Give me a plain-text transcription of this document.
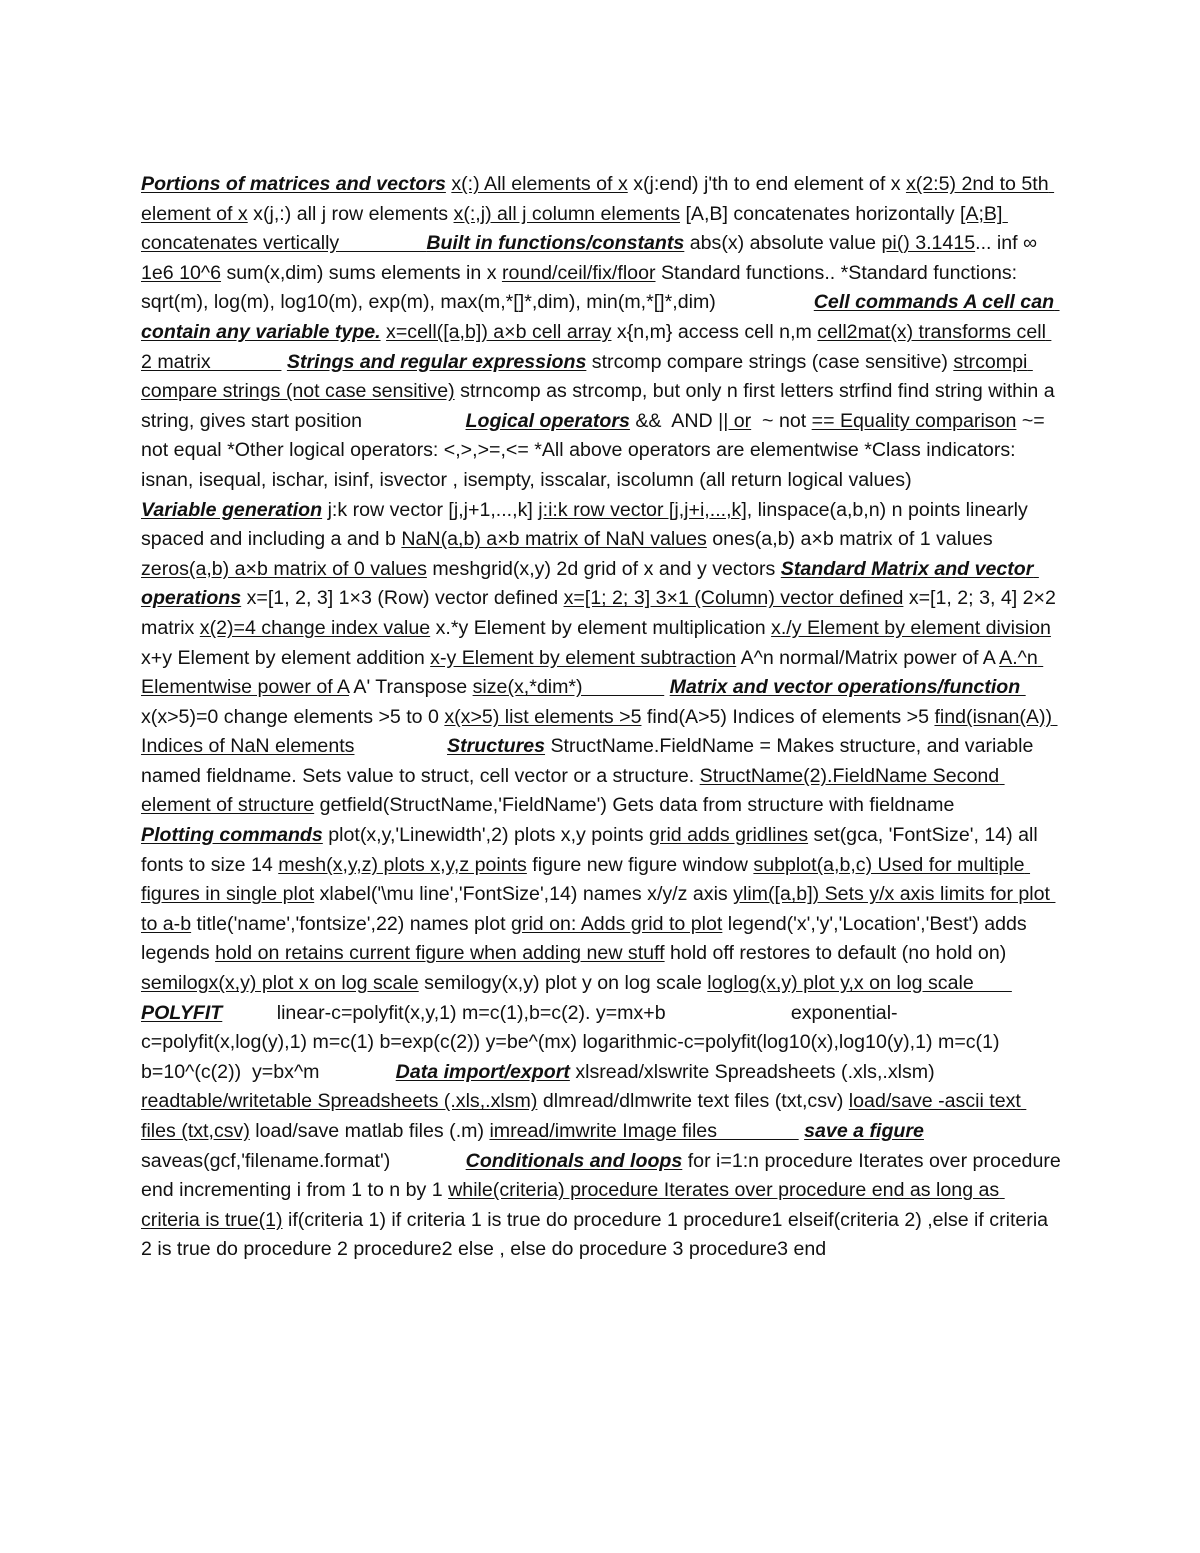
Portions of matrices and vectors x(:) All elements of x x(j:end) j'th to end element of x x(2:5) 2nd to 5th element of x x(j,:) all j row elements x(:,j) all j column elements [A,B] concatenates horizontally [A;B] concatenates vertically                Built in functions/constants abs(x) absolute value pi() 3.1415... inf ∞ 1e6 10^6 sum(x,dim) sums elements in x round/ceil/fix/floor Standard functions.. *Standard functions: sqrt(m), log(m), log10(m), exp(m), max(m,*[]*,dim), min(m,*[]*,dim)                  Cell commands A cell can contain any variable type. x=cell([a,b]) a×b cell array x{n,m} access cell n,m cell2mat(x) transforms cell 2 matrix              Strings and regular expressions strcomp compare strings (case sensitive) strcompi compare strings (not case sensitive) strncomp as strcomp, but only n first letters strfind find string within a string, gives start position                   Logical operators &&  AND || or  ~ not == Equality comparison ~= not equal *Other logical operators: <,>,>=,<= *All above operators are elementwise *Class indicators: isnan, isequal, ischar, isinf, isvector , isempty, isscalar, iscolumn (all return logical values)                 Variable generation j:k row vector [j,j+1,...,k] j:i:k row vector [j,j+i,...,k], linspace(a,b,n) n points linearly spaced and including a and b NaN(a,b) a×b matrix of NaN values ones(a,b) a×b matrix of 1 values zeros(a,b) a×b matrix of 0 values meshgrid(x,y) 2d grid of x and y vectors Standard Matrix and vector operations x=[1, 2, 3] 1×3 (Row) vector defined x=[1; 2; 3] 3×1 (Column) vector defined x=[1, 2; 3, 4] 2×2 matrix x(2)=4 change index value x.*y Element by element multiplication x./y Element by element division x+y Element by element addition x-y Element by element subtraction A^n normal/Matrix power of A A.^n Elementwise power of A A' Transpose size(x,*dim*)                Matrix and vector operations/function               x(x>5)=0 change elements >5 to 0 x(x>5) list elements >5 find(A>5) Indices of elements >5 find(isnan(A)) Indices of NaN elements	Structures StructName.FieldName = Makes structure, and variable named fieldname. Sets value to struct, cell vector or a structure. StructName(2).FieldName Second element of structure getfield(StructName,'FieldName') Gets data from structure with fieldname                Plotting commands plot(x,y,'Linewidth',2) plots x,y points grid adds gridlines set(gca, 'FontSize', 14) all fonts to size 14 mesh(x,y,z) plots x,y,z points figure new figure window subplot(a,b,c) Used for multiple figures in single plot xlabel('\mu line','FontSize',14) names x/y/z axis ylim([a,b]) Sets y/x axis limits for plot to a-b title('name','fontsize',22) names plot grid on: Adds grid to plot legend('x','y','Location','Best') adds legends hold on retains current figure when adding new stuff hold off restores to default (no hold on) semilogx(x,y) plot x on log scale semilogy(x,y) plot y on log scale loglog(x,y) plot y,x on log scale        POLYFIT          linear-c=polyfit(x,y,1) m=c(1),b=c(2). y=mx+b                       exponential-c=polyfit(x,log(y),1) m=c(1) b=exp(c(2)) y=be^(mx) logarithmic-c=polyfit(log10(x),log10(y),1) m=c(1) b=10^(c(2))  y=bx^m              Data import/export xlsread/xlswrite Spreadsheets (.xls,.xlsm) readtable/writetable Spreadsheets (.xls,.xlsm) dlmread/dlmwrite text files (txt,csv) load/save -ascii text files (txt,csv) load/save matlab files (.m) imread/imwrite Image files                save a figure saveas(gcf,'filename.format')	Conditionals and loops for i=1:n procedure Iterates over procedure end incrementing i from 1 to n by 1 while(criteria) procedure Iterates over procedure end as long as criteria is true(1) if(criteria 1) if criteria 1 is true do procedure 1 procedure1 elseif(criteria 2) ,else if criteria 2 is true do procedure 2 procedure2 else , else do procedure 3 procedure3 end
